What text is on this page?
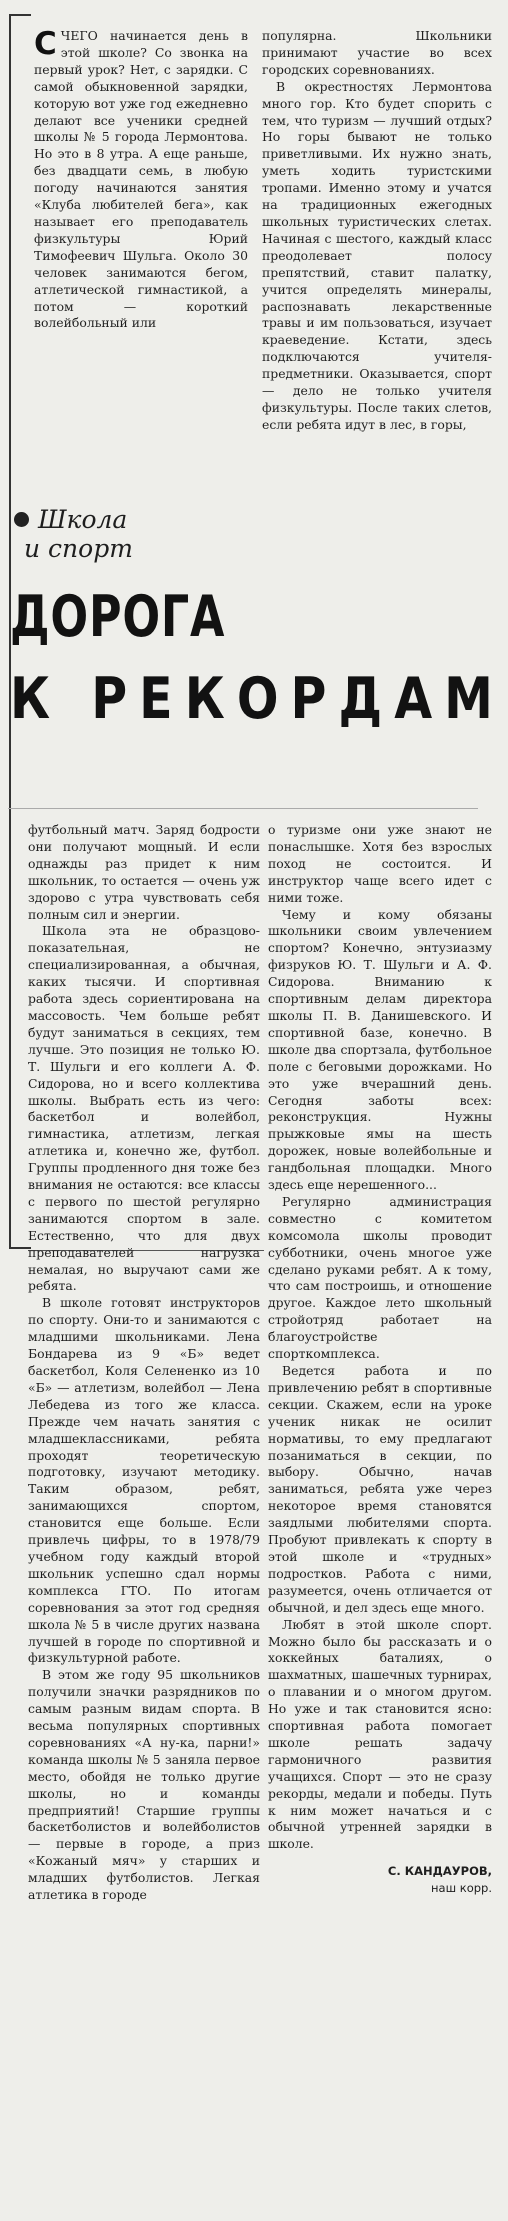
СЧЕГО начинается день в этой школе? Со звонка на первый урок? Нет, с зарядки. С самой обыкновенной зарядки, которую вот уже год ежедневно делают все ученики средней школы № 5 города Лермонтова. Но это в 8 утра. А еще раньше, без двадцати семь, в любую погоду начинаются занятия «Клуба любителей бега», как называет его преподаватель физкультуры Юрий Тимофеевич Шульга. Около 30 человек занимаются бегом, атлетической гимнастикой, а потом — короткий волейбольный или

популярна. Школьники принимают участие во всех городских соревнованиях.

В окрестностях Лермонтова много гор. Кто будет спорить с тем, что туризм — лучший отдых? Но горы бывают не только приветливыми. Их нужно знать, уметь ходить туристскими тропами. Именно этому и учатся на традиционных ежегодных школьных туристических слетах. Начиная с шестого, каждый класс преодолевает полосу препятствий, ставит палатку, учится определять минералы, распознавать лекарственные травы и им пользоваться, изучает краеведение. Кстати, здесь подключаются учителя-предметники. Оказывается, спорт — дело не только учителя физкультуры. После таких слетов, если ребята идут в лес, в горы,

Школа
и спорт
ДОРОГА
К РЕКОРДАМ

футбольный матч. Заряд бодрости они получают мощный. И если однажды раз придет к ним школьник, то остается — очень уж здорово с утра чувствовать себя полным сил и энергии.

Школа эта не образцово-показательная, не специализированная, а обычная, каких тысячи. И спортивная работа здесь сориентирована на массовость. Чем больше ребят будут заниматься в секциях, тем лучше. Это позиция не только Ю. Т. Шульги и его коллеги А. Ф. Сидорова, но и всего коллектива школы. Выбрать есть из чего: баскетбол и волейбол, гимнастика, атлетизм, легкая атлетика и, конечно же, футбол. Группы продленного дня тоже без внимания не остаются: все классы с первого по шестой регулярно занимаются спортом в зале. Естественно, что для двух преподавателей нагрузка немалая, но выручают сами же ребята.

В школе готовят инструкторов по спорту. Они-то и занимаются с младшими школьниками. Лена Бондарева из 9 «Б» ведет баскетбол, Коля Селененко из 10 «Б» — атлетизм, волейбол — Лена Лебедева из того же класса. Прежде чем начать занятия с младшеклассниками, ребята проходят теоретическую подготовку, изучают методику. Таким образом, ребят, занимающихся спортом, становится еще больше. Если привлечь цифры, то в 1978/79 учебном году каждый второй школьник успешно сдал нормы комплекса ГТО. По итогам соревнования за этот год средняя школа № 5 в числе других названа лучшей в городе по спортивной и физкультурной работе.

В этом же году 95 школьников получили значки разрядников по самым разным видам спорта. В весьма популярных спортивных соревнованиях «А ну-ка, парни!» команда школы № 5 заняла первое место, обойдя не только другие школы, но и команды предприятий! Старшие группы баскетболистов и волейболистов — первые в городе, а приз «Кожаный мяч» у старших и младших футболистов. Легкая атлетика в городе

о туризме они уже знают не понаслышке. Хотя без взрослых поход не состоится. И инструктор чаще всего идет с ними тоже.

Чему и кому обязаны школьники своим увлечением спортом? Конечно, энтузиазму физруков Ю. Т. Шульги и А. Ф. Сидорова. Вниманию к спортивным делам директора школы П. В. Данишевского. И спортивной базе, конечно. В школе два спортзала, футбольное поле с беговыми дорожками. Но это уже вчерашний день. Сегодня заботы всех: реконструкция. Нужны прыжковые ямы на шесть дорожек, новые волейбольные и гандбольная площадки. Много здесь еще нерешенного...

Регулярно администрация совместно с комитетом комсомола школы проводит субботники, очень многое уже сделано руками ребят. А к тому, что сам построишь, и отношение другое. Каждое лето школьный стройотряд работает на благоустройстве спорткомплекса.

Ведется работа и по привлечению ребят в спортивные секции. Скажем, если на уроке ученик никак не осилит нормативы, то ему предлагают позаниматься в секции, по выбору. Обычно, начав заниматься, ребята уже через некоторое время становятся заядлыми любителями спорта. Пробуют привлекать к спорту в этой школе и «трудных» подростков. Работа с ними, разумеется, очень отличается от обычной, и дел здесь еще много.

Любят в этой школе спорт. Можно было бы рассказать и о хоккейных баталиях, о шахматных, шашечных турнирах, о плавании и о многом другом. Но уже и так становится ясно: спортивная работа помогает школе решать задачу гармоничного развития учащихся. Спорт — это не сразу рекорды, медали и победы. Путь к ним может начаться и с обычной утренней зарядки в школе.

С. КАНДАУРОВ,
наш корр.
